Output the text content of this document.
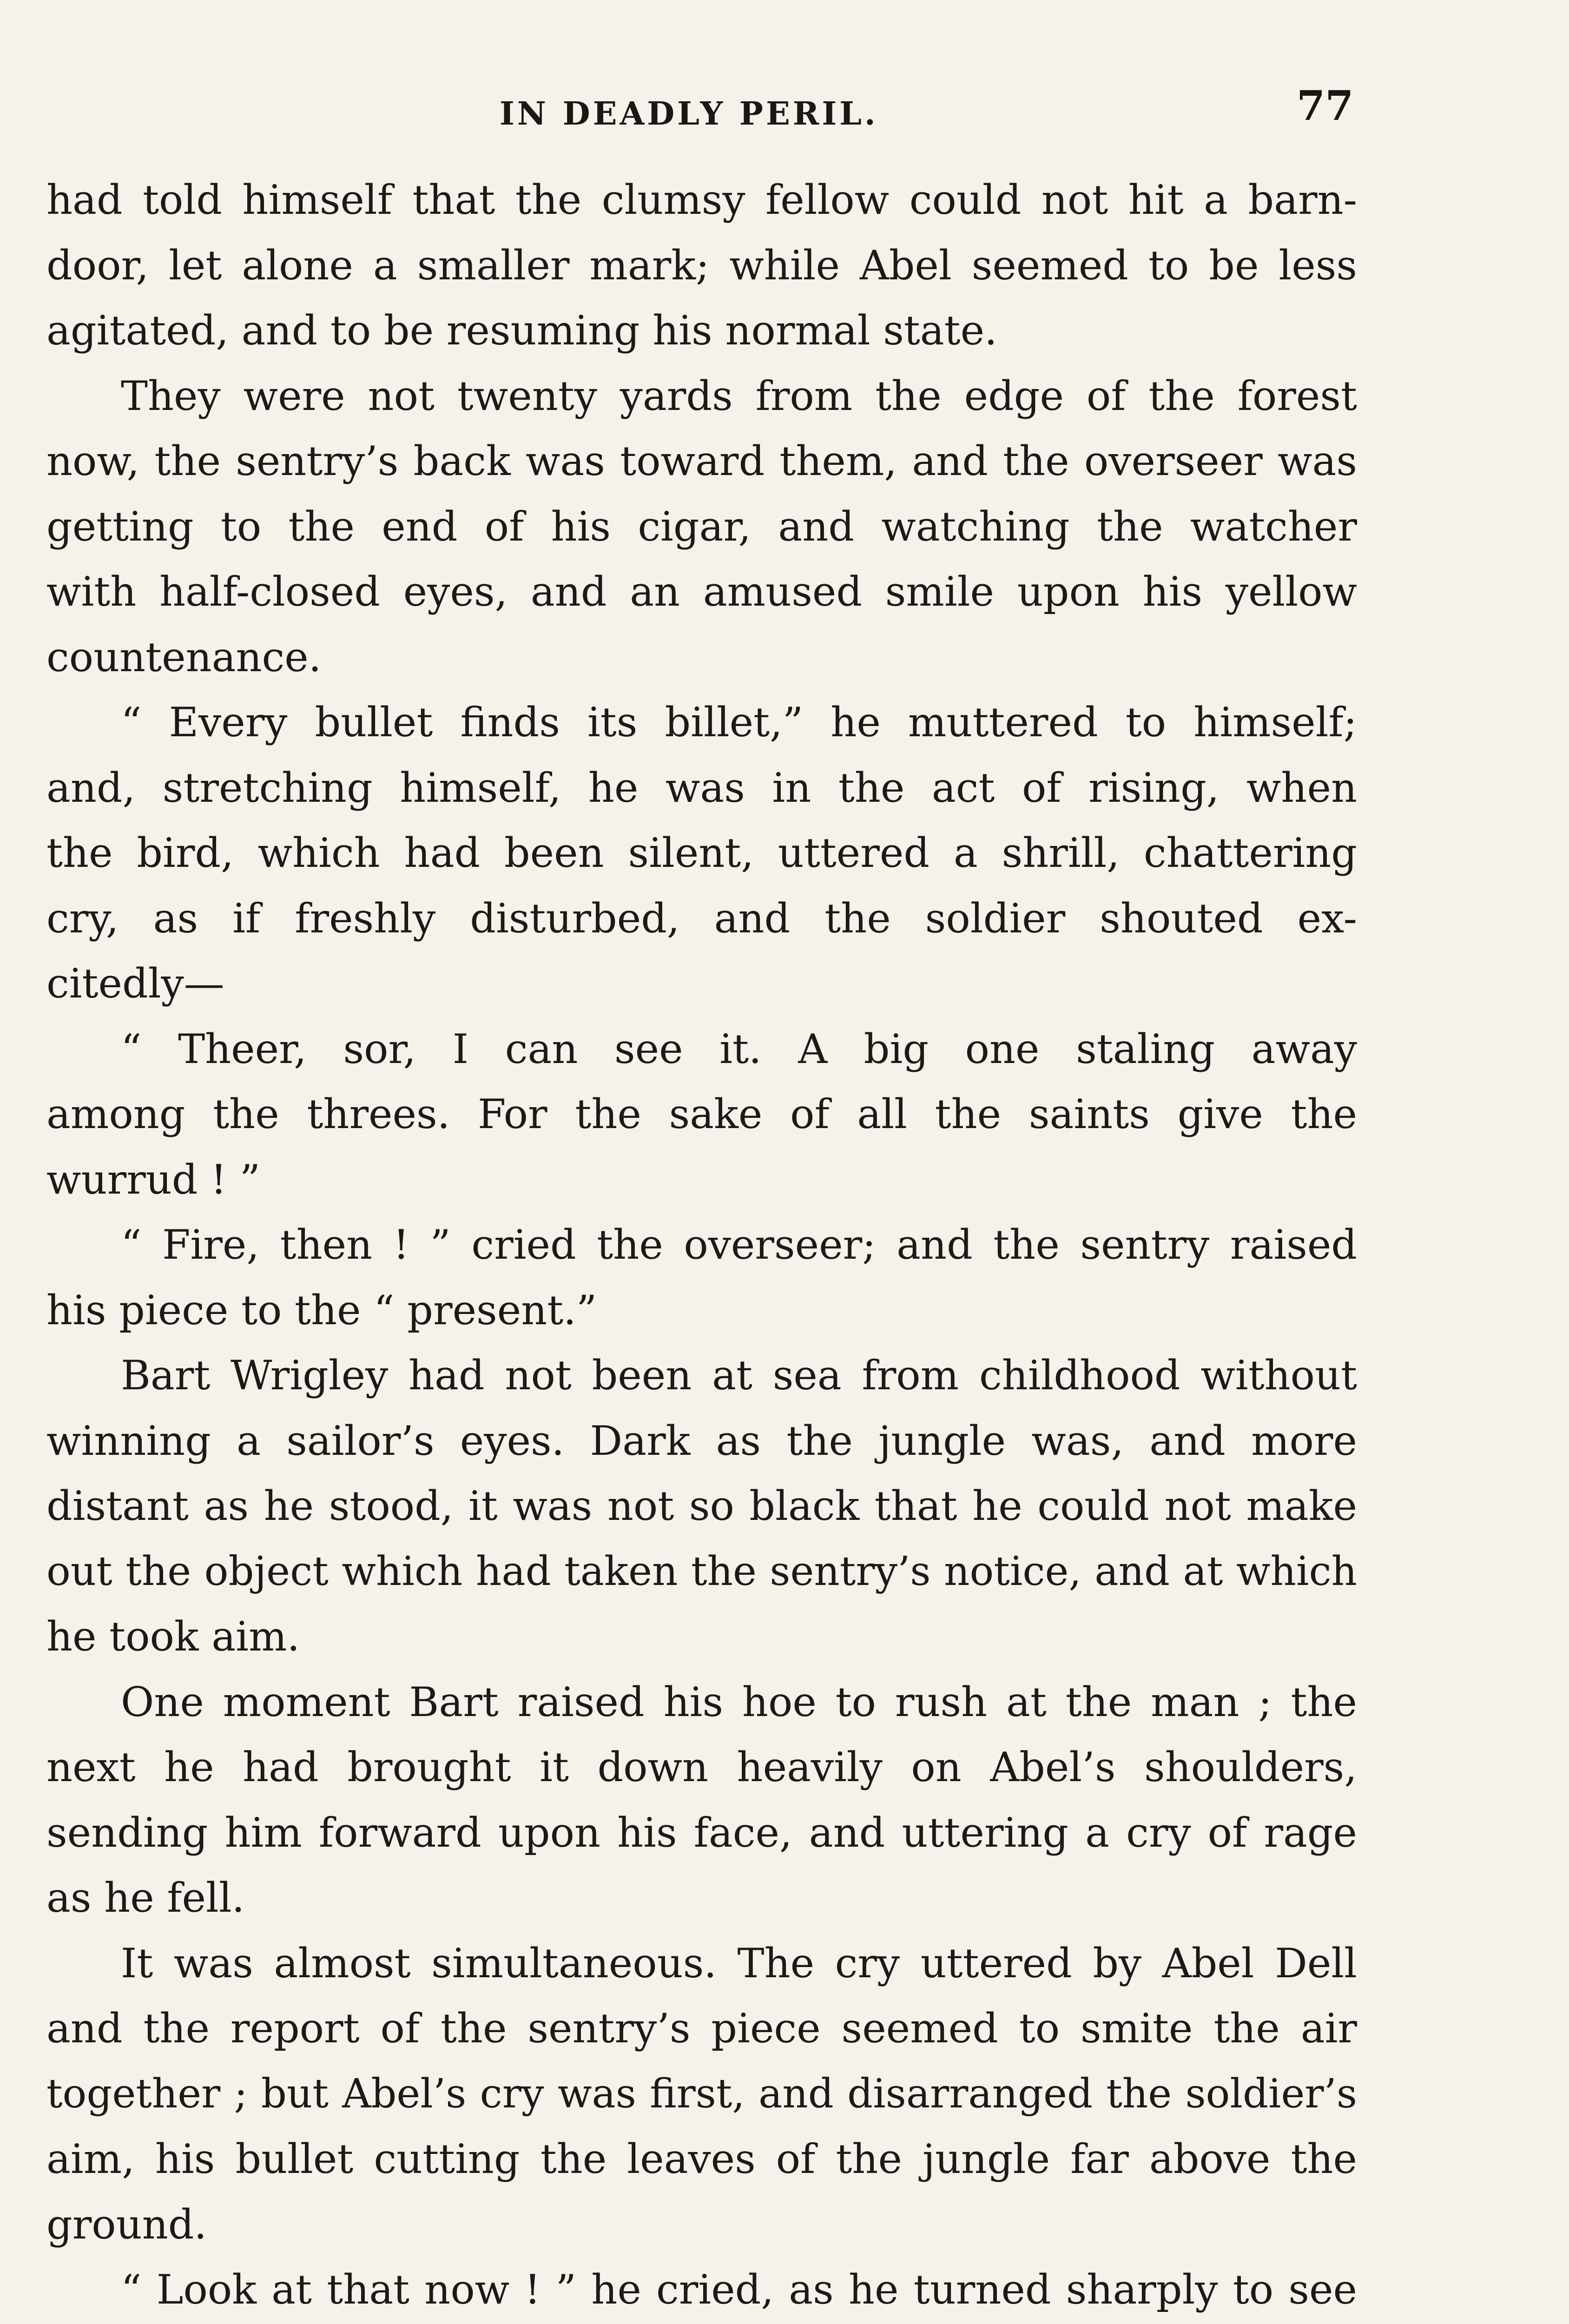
IN DEADLY PERIL.	77
had told himself that the clumsy fellow could not hit a barn-
door, let alone a smaller mark; while Abel seemed to be less
agitated, and to be resuming his normal state.
They were not twenty yards from the edge of the forest
now, the sentry’s back was toward them, and the overseer was
getting to the end of his cigar, and watching the watcher
with half-closed eyes, and an amused smile upon his yellow
countenance.
“ Every bullet finds its billet,” he muttered to himself;
and, stretching himself, he was in the act of rising, when
the bird, which had been silent, uttered a shrill, chattering
cry, as if freshly disturbed, and the soldier shouted ex-
citedly—
“ Theer, sor, I can see it. A big one staling away
among the threes. For the sake of all the saints give the
wurrud ! ”
“ Fire, then ! ” cried the overseer; and the sentry raised
his piece to the “ present.”
Bart Wrigley had not been at sea from childhood without
winning a sailor’s eyes. Dark as the jungle was, and more
distant as he stood, it was not so black that he could not make
out the object which had taken the sentry’s notice, and at which
he took aim.
One moment Bart raised his hoe to rush at the man ; the
next he had brought it down heavily on Abel’s shoulders,
sending him forward upon his face, and uttering a cry of rage
as he fell.
It was almost simultaneous. The cry uttered by Abel Dell
and the report of the sentry’s piece seemed to smite the air
together ; but Abel’s cry was first, and disarranged the soldier’s
aim, his bullet cutting the leaves of the jungle far above the
ground.
“ Look at that now ! ” he cried, as he turned sharply to see
